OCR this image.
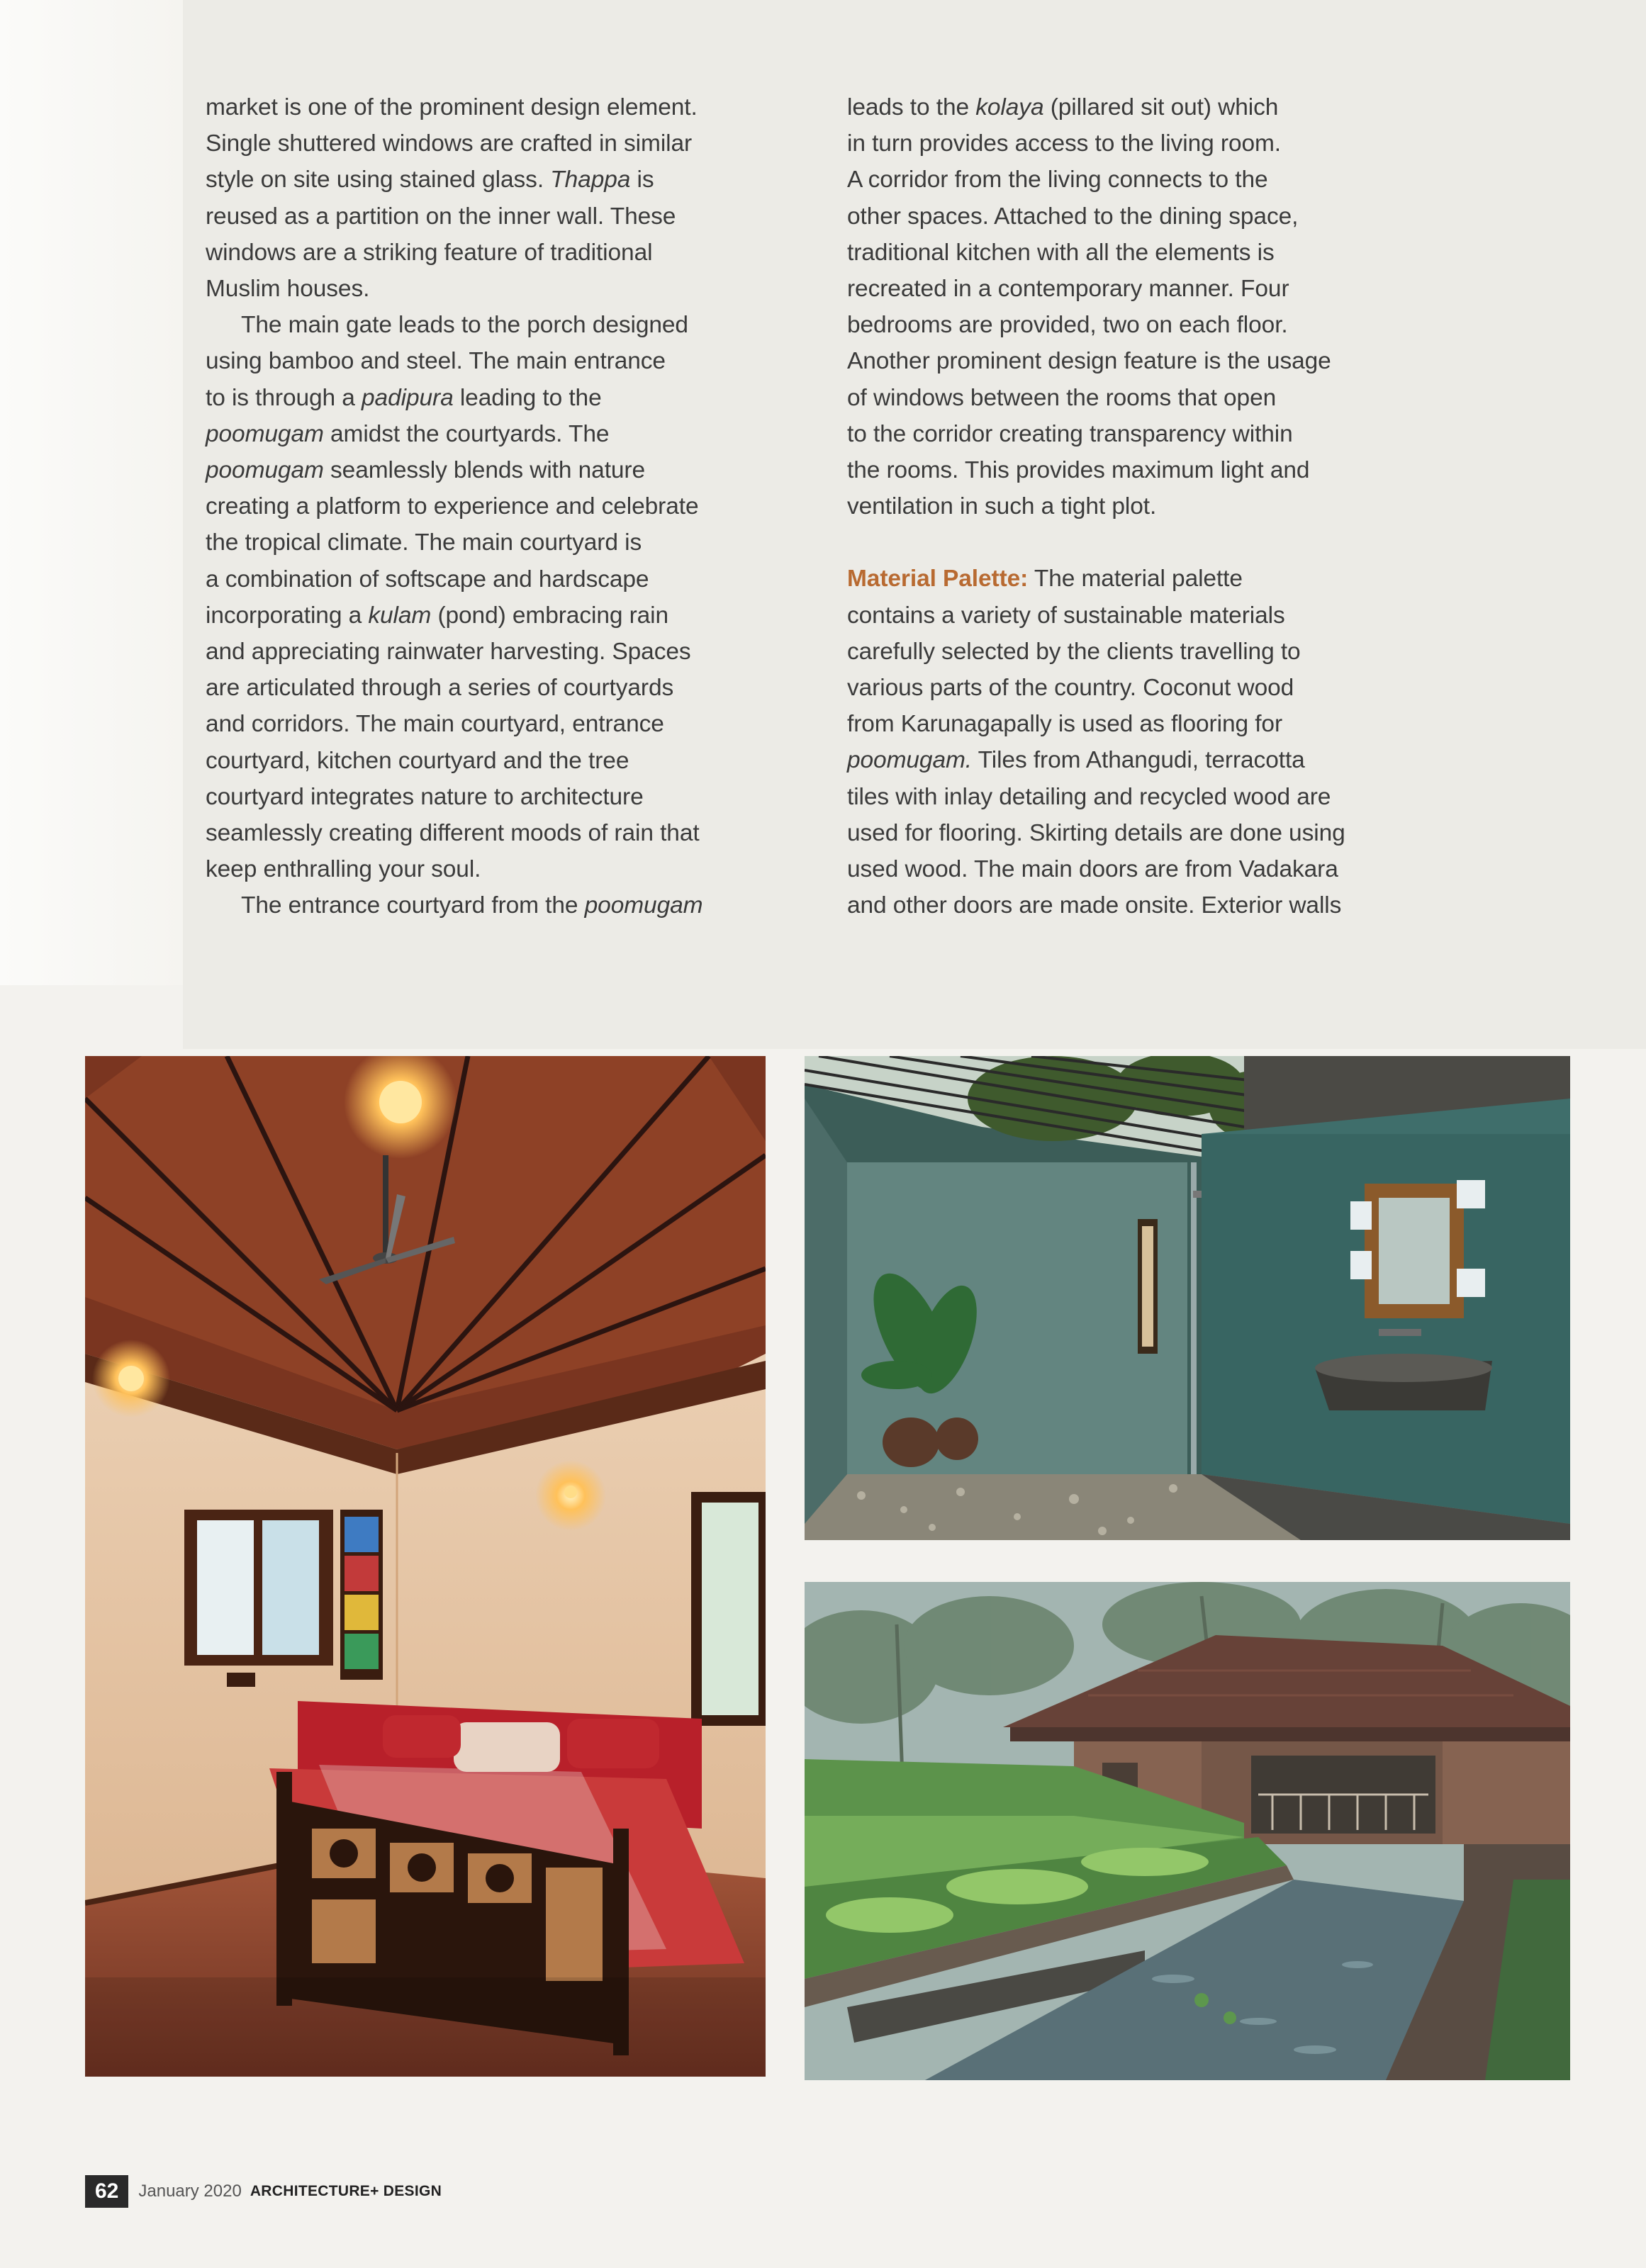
market is one of the prominent design element.
Single shuttered windows are crafted in similar
style on site using stained glass. Thappa is
reused as a partition on the inner wall. These
windows are a striking feature of traditional
Muslim houses.
The main gate leads to the porch designed
using bamboo and steel. The main entrance
to is through a padipura leading to the
poomugam amidst the courtyards. The
poomugam seamlessly blends with nature
creating a platform to experience and celebrate
the tropical climate. The main courtyard is
a combination of softscape and hardscape
incorporating a kulam (pond) embracing rain
and appreciating rainwater harvesting. Spaces
are articulated through a series of courtyards
and corridors. The main courtyard, entrance
courtyard, kitchen courtyard and the tree
courtyard integrates nature to architecture
seamlessly creating different moods of rain that
keep enthralling your soul.
The entrance courtyard from the poomugam
leads to the kolaya (pillared sit out) which
in turn provides access to the living room.
A corridor from the living connects to the
other spaces. Attached to the dining space,
traditional kitchen with all the elements is
recreated in a contemporary manner. Four
bedrooms are provided, two on each floor.
Another prominent design feature is the usage
of windows between the rooms that open
to the corridor creating transparency within
the rooms. This provides maximum light and
ventilation in such a tight plot.
Material Palette: The material palette
contains a variety of sustainable materials
carefully selected by the clients travelling to
various parts of the country. Coconut wood
from Karunagapally is used as flooring for
poomugam. Tiles from Athangudi, terracotta
tiles with inlay detailing and recycled wood are
used for flooring. Skirting details are done using
used wood. The main doors are from Vadakara
and other doors are made onsite. Exterior walls
62	January 2020 ARCHITECTURE+ DESIGN
